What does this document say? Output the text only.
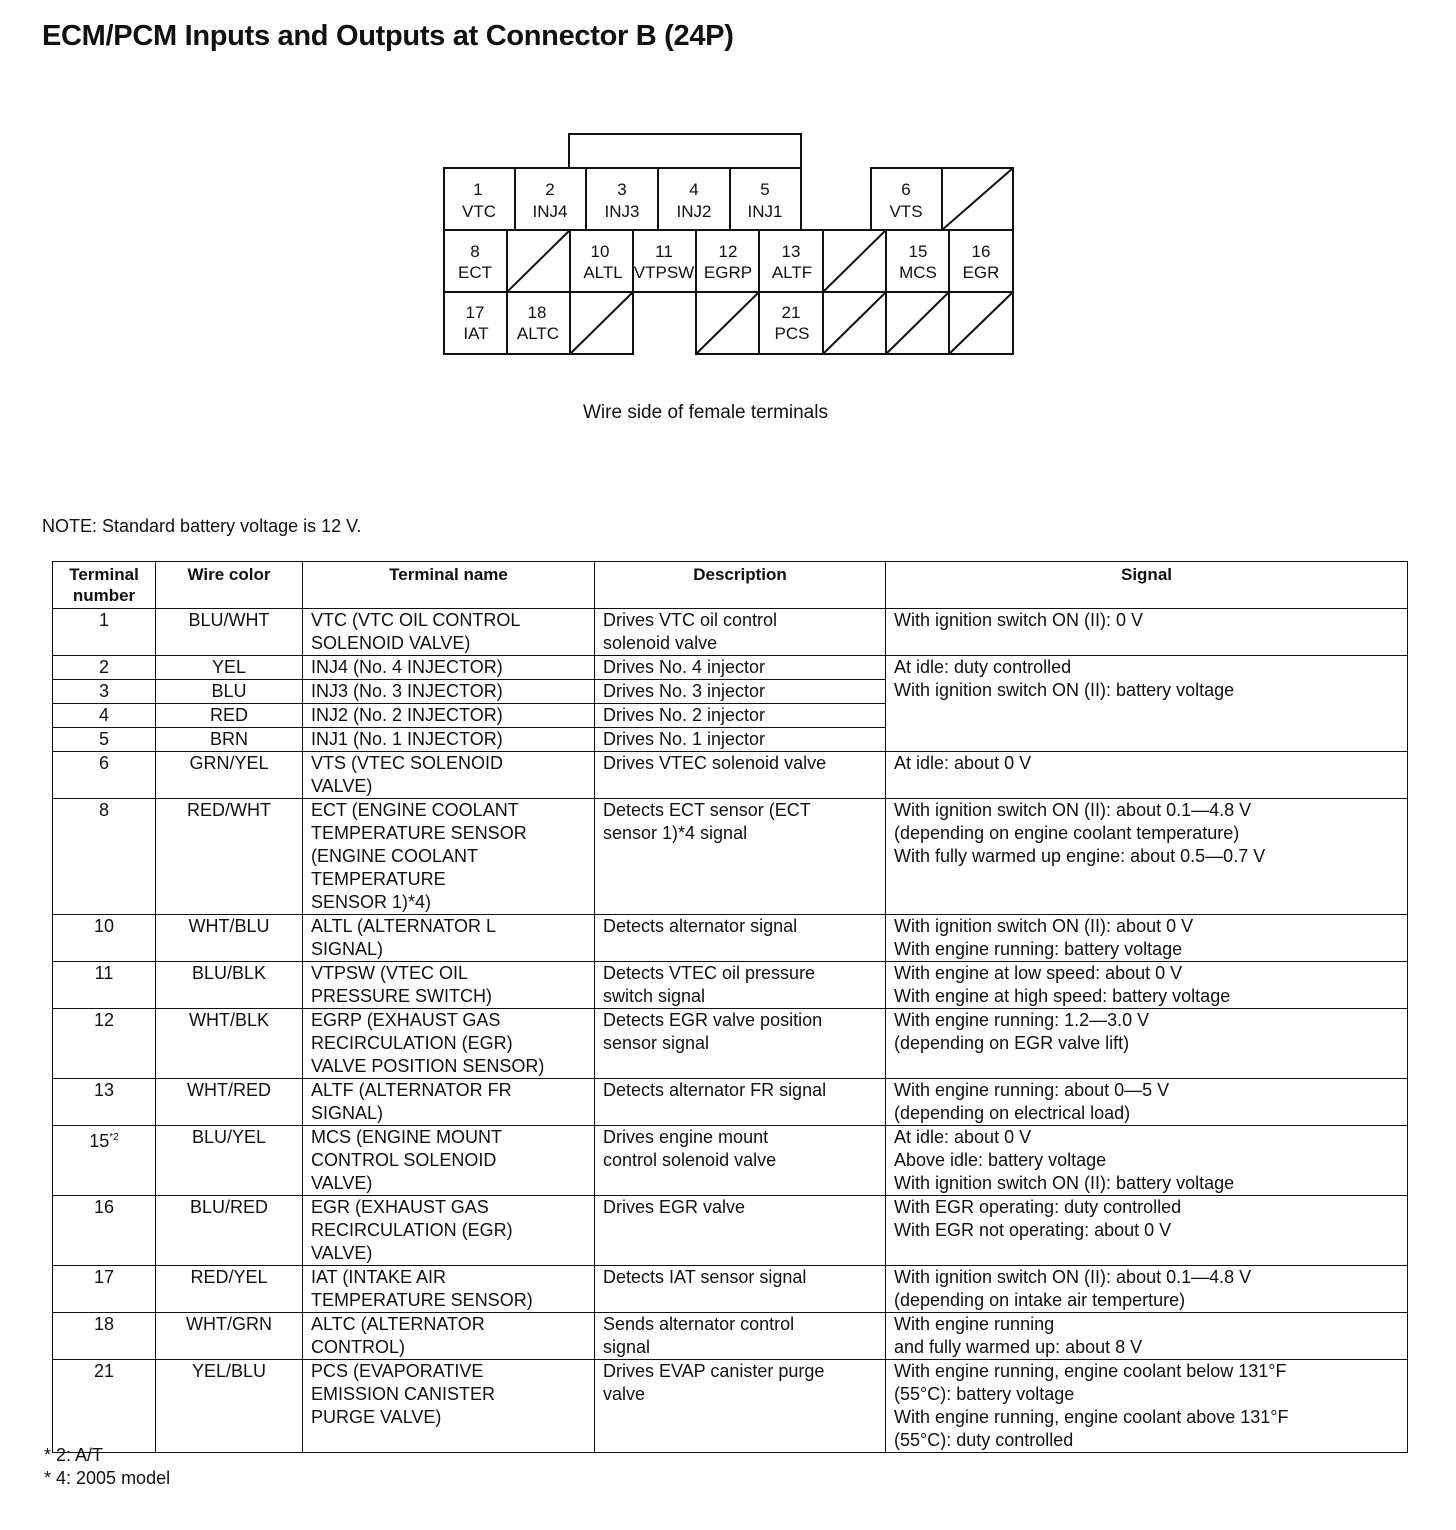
ECM/PCM Inputs and Outputs at Connector B (24P)
1
VTC
2
INJ4
3
INJ3
4
INJ2
5
INJ1
6
VTS
8
ECT
10
ALTL
11
VTPSW
12
EGRP
13
ALTF
15
MCS
16
EGR
17
IAT
18
ALTC
21
PCS
Wire side of female terminals
NOTE: Standard battery voltage is 12 V.
Terminal number	Wire color	Terminal name	Description	Signal
1	BLU/WHT	VTC (VTC OIL CONTROL
SOLENOID VALVE)	Drives VTC oil control
solenoid valve	With ignition switch ON (II): 0 V
2	YEL	INJ4 (No. 4 INJECTOR)	Drives No. 4 injector	At idle: duty controlled
With ignition switch ON (II): battery voltage
3	BLU	INJ3 (No. 3 INJECTOR)	Drives No. 3 injector	
4	RED	INJ2 (No. 2 INJECTOR)	Drives No. 2 injector	
5	BRN	INJ1 (No. 1 INJECTOR)	Drives No. 1 injector	
6	GRN/YEL	VTS (VTEC SOLENOID
VALVE)	Drives VTEC solenoid valve	At idle: about 0 V
8	RED/WHT	ECT (ENGINE COOLANT
TEMPERATURE SENSOR
(ENGINE COOLANT
TEMPERATURE
SENSOR 1)*4)	Detects ECT sensor (ECT
sensor 1)*4 signal	With ignition switch ON (II): about 0.1—4.8 V
(depending on engine coolant temperature)
With fully warmed up engine: about 0.5—0.7 V
10	WHT/BLU	ALTL (ALTERNATOR L
SIGNAL)	Detects alternator signal	With ignition switch ON (II): about 0 V
With engine running: battery voltage
11	BLU/BLK	VTPSW (VTEC OIL
PRESSURE SWITCH)	Detects VTEC oil pressure
switch signal	With engine at low speed: about 0 V
With engine at high speed: battery voltage
12	WHT/BLK	EGRP (EXHAUST GAS
RECIRCULATION (EGR)
VALVE POSITION SENSOR)	Detects EGR valve position
sensor signal	With engine running: 1.2—3.0 V
(depending on EGR valve lift)
13	WHT/RED	ALTF (ALTERNATOR FR
SIGNAL)	Detects alternator FR signal	With engine running: about 0—5 V
(depending on electrical load)
15$^{*2}$	BLU/YEL	MCS (ENGINE MOUNT
CONTROL SOLENOID
VALVE)	Drives engine mount
control solenoid valve	At idle: about 0 V
Above idle: battery voltage
With ignition switch ON (II): battery voltage
16	BLU/RED	EGR (EXHAUST GAS
RECIRCULATION (EGR)
VALVE)	Drives EGR valve	With EGR operating: duty controlled
With EGR not operating: about 0 V
17	RED/YEL	IAT (INTAKE AIR
TEMPERATURE SENSOR)	Detects IAT sensor signal	With ignition switch ON (II): about 0.1—4.8 V
(depending on intake air temperture)
18	WHT/GRN	ALTC (ALTERNATOR
CONTROL)	Sends alternator control
signal	With engine running
and fully warmed up: about 8 V
21	YEL/BLU	PCS (EVAPORATIVE
EMISSION CANISTER
PURGE VALVE)	Drives EVAP canister purge
valve	With engine running, engine coolant below 131°F
(55°C): battery voltage
With engine running, engine coolant above 131°F
(55°C): duty controlled
* 2: A/T
* 4: 2005 model
